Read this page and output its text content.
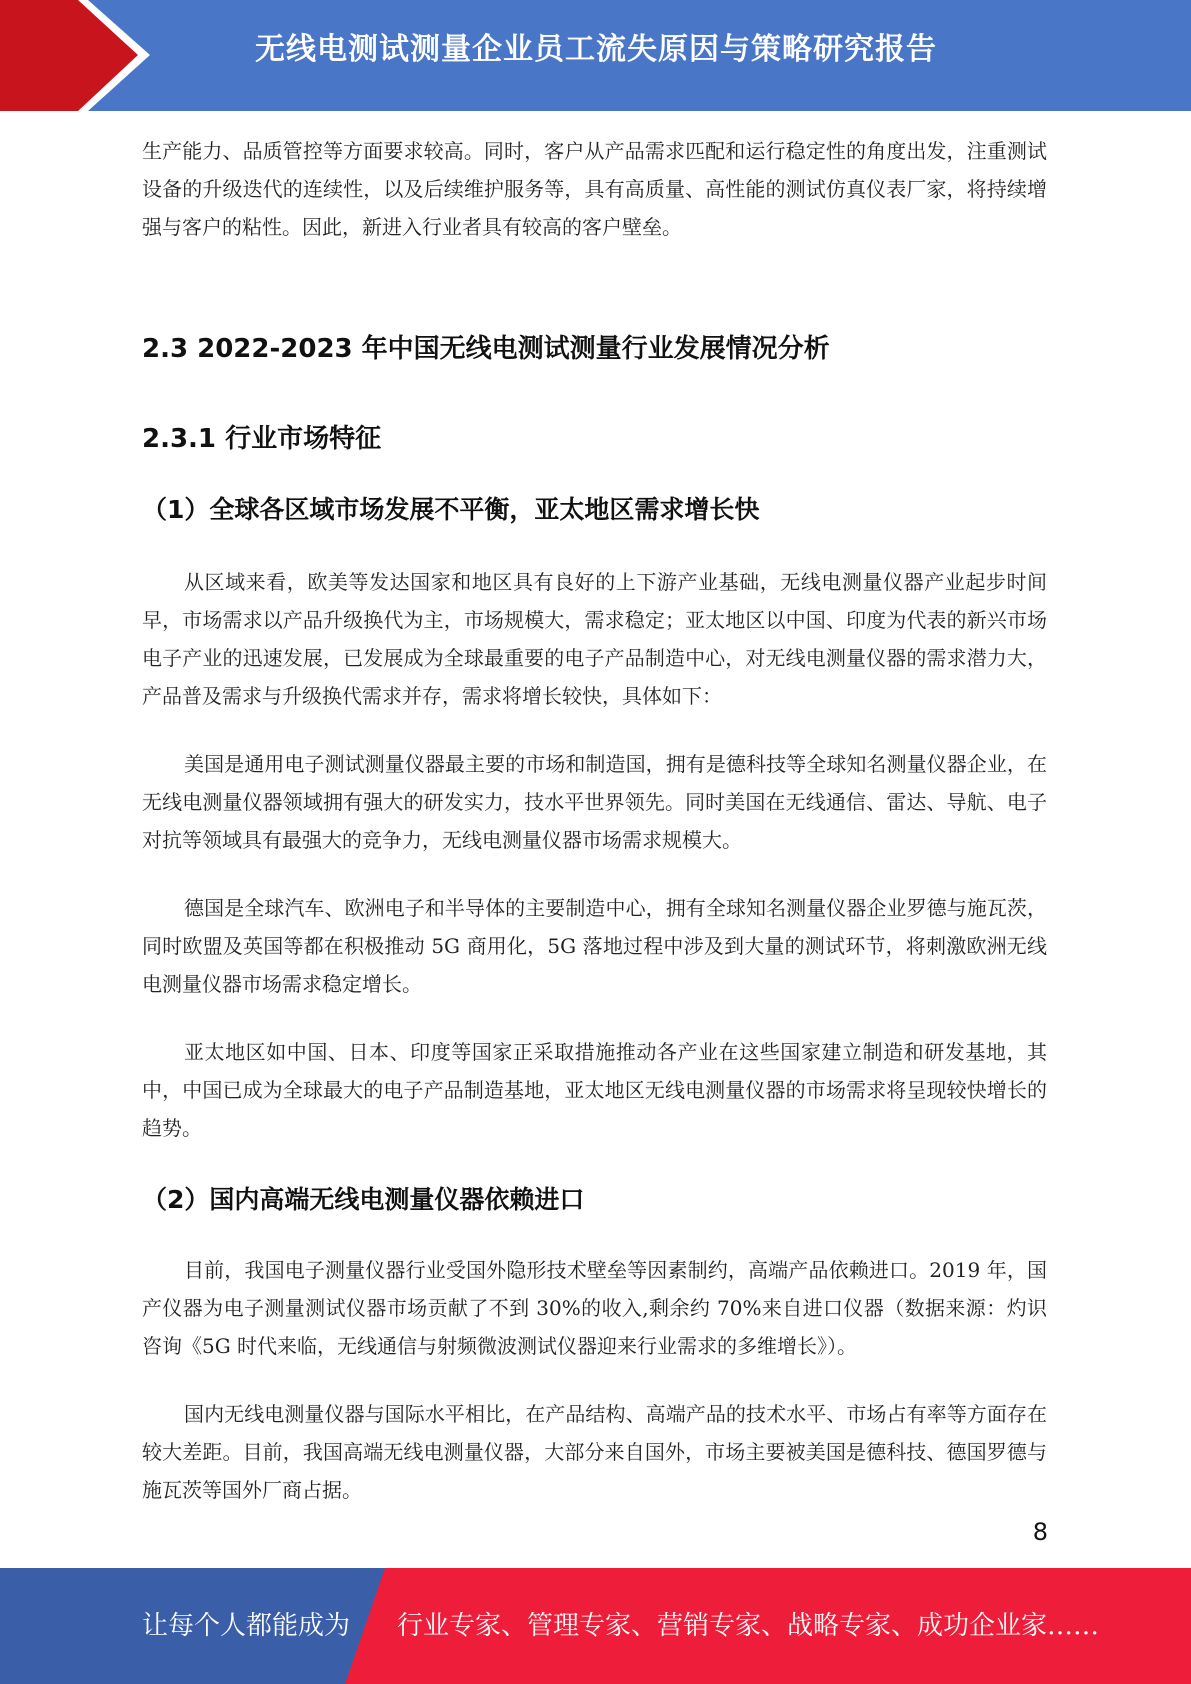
无线电测试测量企业员工流失原因与策略研究报告

生产能力、品质管控等方面要求较高。同时，客户从产品需求匹配和运行稳定性的角度出发，注重测试设备的升级迭代的连续性，以及后续维护服务等，具有高质量、高性能的测试仿真仪表厂家，将持续增强与客户的粘性。因此，新进入行业者具有较高的客户壁垒。

2.3 2022-2023 年中国无线电测试测量行业发展情况分析
2.3.1 行业市场特征
（1）全球各区域市场发展不平衡，亚太地区需求增长快

从区域来看，欧美等发达国家和地区具有良好的上下游产业基础，无线电测量仪器产业起步时间早，市场需求以产品升级换代为主，市场规模大，需求稳定；亚太地区以中国、印度为代表的新兴市场电子产业的迅速发展，已发展成为全球最重要的电子产品制造中心，对无线电测量仪器的需求潜力大，产品普及需求与升级换代需求并存，需求将增长较快，具体如下：

美国是通用电子测试测量仪器最主要的市场和制造国，拥有是德科技等全球知名测量仪器企业，在无线电测量仪器领域拥有强大的研发实力，技水平世界领先。同时美国在无线通信、雷达、导航、电子对抗等领域具有最强大的竞争力，无线电测量仪器市场需求规模大。

德国是全球汽车、欧洲电子和半导体的主要制造中心，拥有全球知名测量仪器企业罗德与施瓦茨，同时欧盟及英国等都在积极推动 5G 商用化，5G 落地过程中涉及到大量的测试环节，将刺激欧洲无线电测量仪器市场需求稳定增长。

亚太地区如中国、日本、印度等国家正采取措施推动各产业在这些国家建立制造和研发基地，其中，中国已成为全球最大的电子产品制造基地，亚太地区无线电测量仪器的市场需求将呈现较快增长的趋势。

（2）国内高端无线电测量仪器依赖进口

目前，我国电子测量仪器行业受国外隐形技术壁垒等因素制约，高端产品依赖进口。2019 年，国产仪器为电子测量测试仪器市场贡献了不到 30%的收入,剩余约 70%来自进口仪器（数据来源：灼识咨询《5G 时代来临，无线通信与射频微波测试仪器迎来行业需求的多维增长》）。

国内无线电测量仪器与国际水平相比，在产品结构、高端产品的技术水平、市场占有率等方面存在较大差距。目前，我国高端无线电测量仪器，大部分来自国外，市场主要被美国是德科技、德国罗德与施瓦茨等国外厂商占据。

8
让每个人都能成为 行业专家、管理专家、营销专家、战略专家、成功企业家……
